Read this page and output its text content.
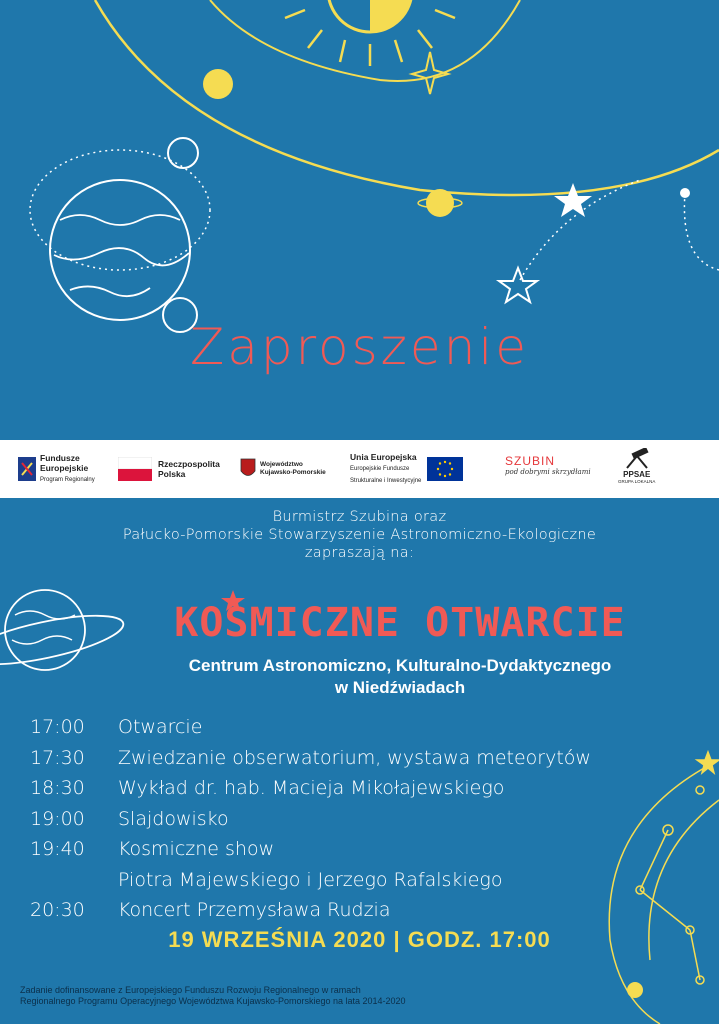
Zaproszenie
Fundusze
Europejskie
Program Regionalny
Rzeczpospolita
Polska
Województwo
Kujawsko-Pomorskie
Unia Europejska
Europejskie Fundusze
Strukturalne i Inwestycyjne
SZUBIN
pod dobrymi skrzydłami	PPSAE
GRUPA LOKALNA
Burmistrz Szubina oraz
Pałucko-Pomorskie Stowarzyszenie Astronomiczno-Ekologiczne
zapraszają na:
KOSMICZNE OTWARCIE
Centrum Astronomiczno, Kulturalno-Dydaktycznego
w Niedźwiadach
17:00	Otwarcie
17:30	Zwiedzanie obserwatorium, wystawa meteorytów
18:30	Wykład dr. hab. Macieja Mikołajewskiego
19:00	Slajdowisko
19:40	Kosmiczne show
Piotra Majewskiego i Jerzego Rafalskiego
20:30	Koncert Przemysława Rudzia
19 WRZEŚNIA 2020 | GODZ. 17:00
Zadanie dofinansowane z Europejskiego Funduszu Rozwoju Regionalnego w ramach
Regionalnego Programu Operacyjnego Województwa Kujawsko-Pomorskiego na lata 2014-2020
